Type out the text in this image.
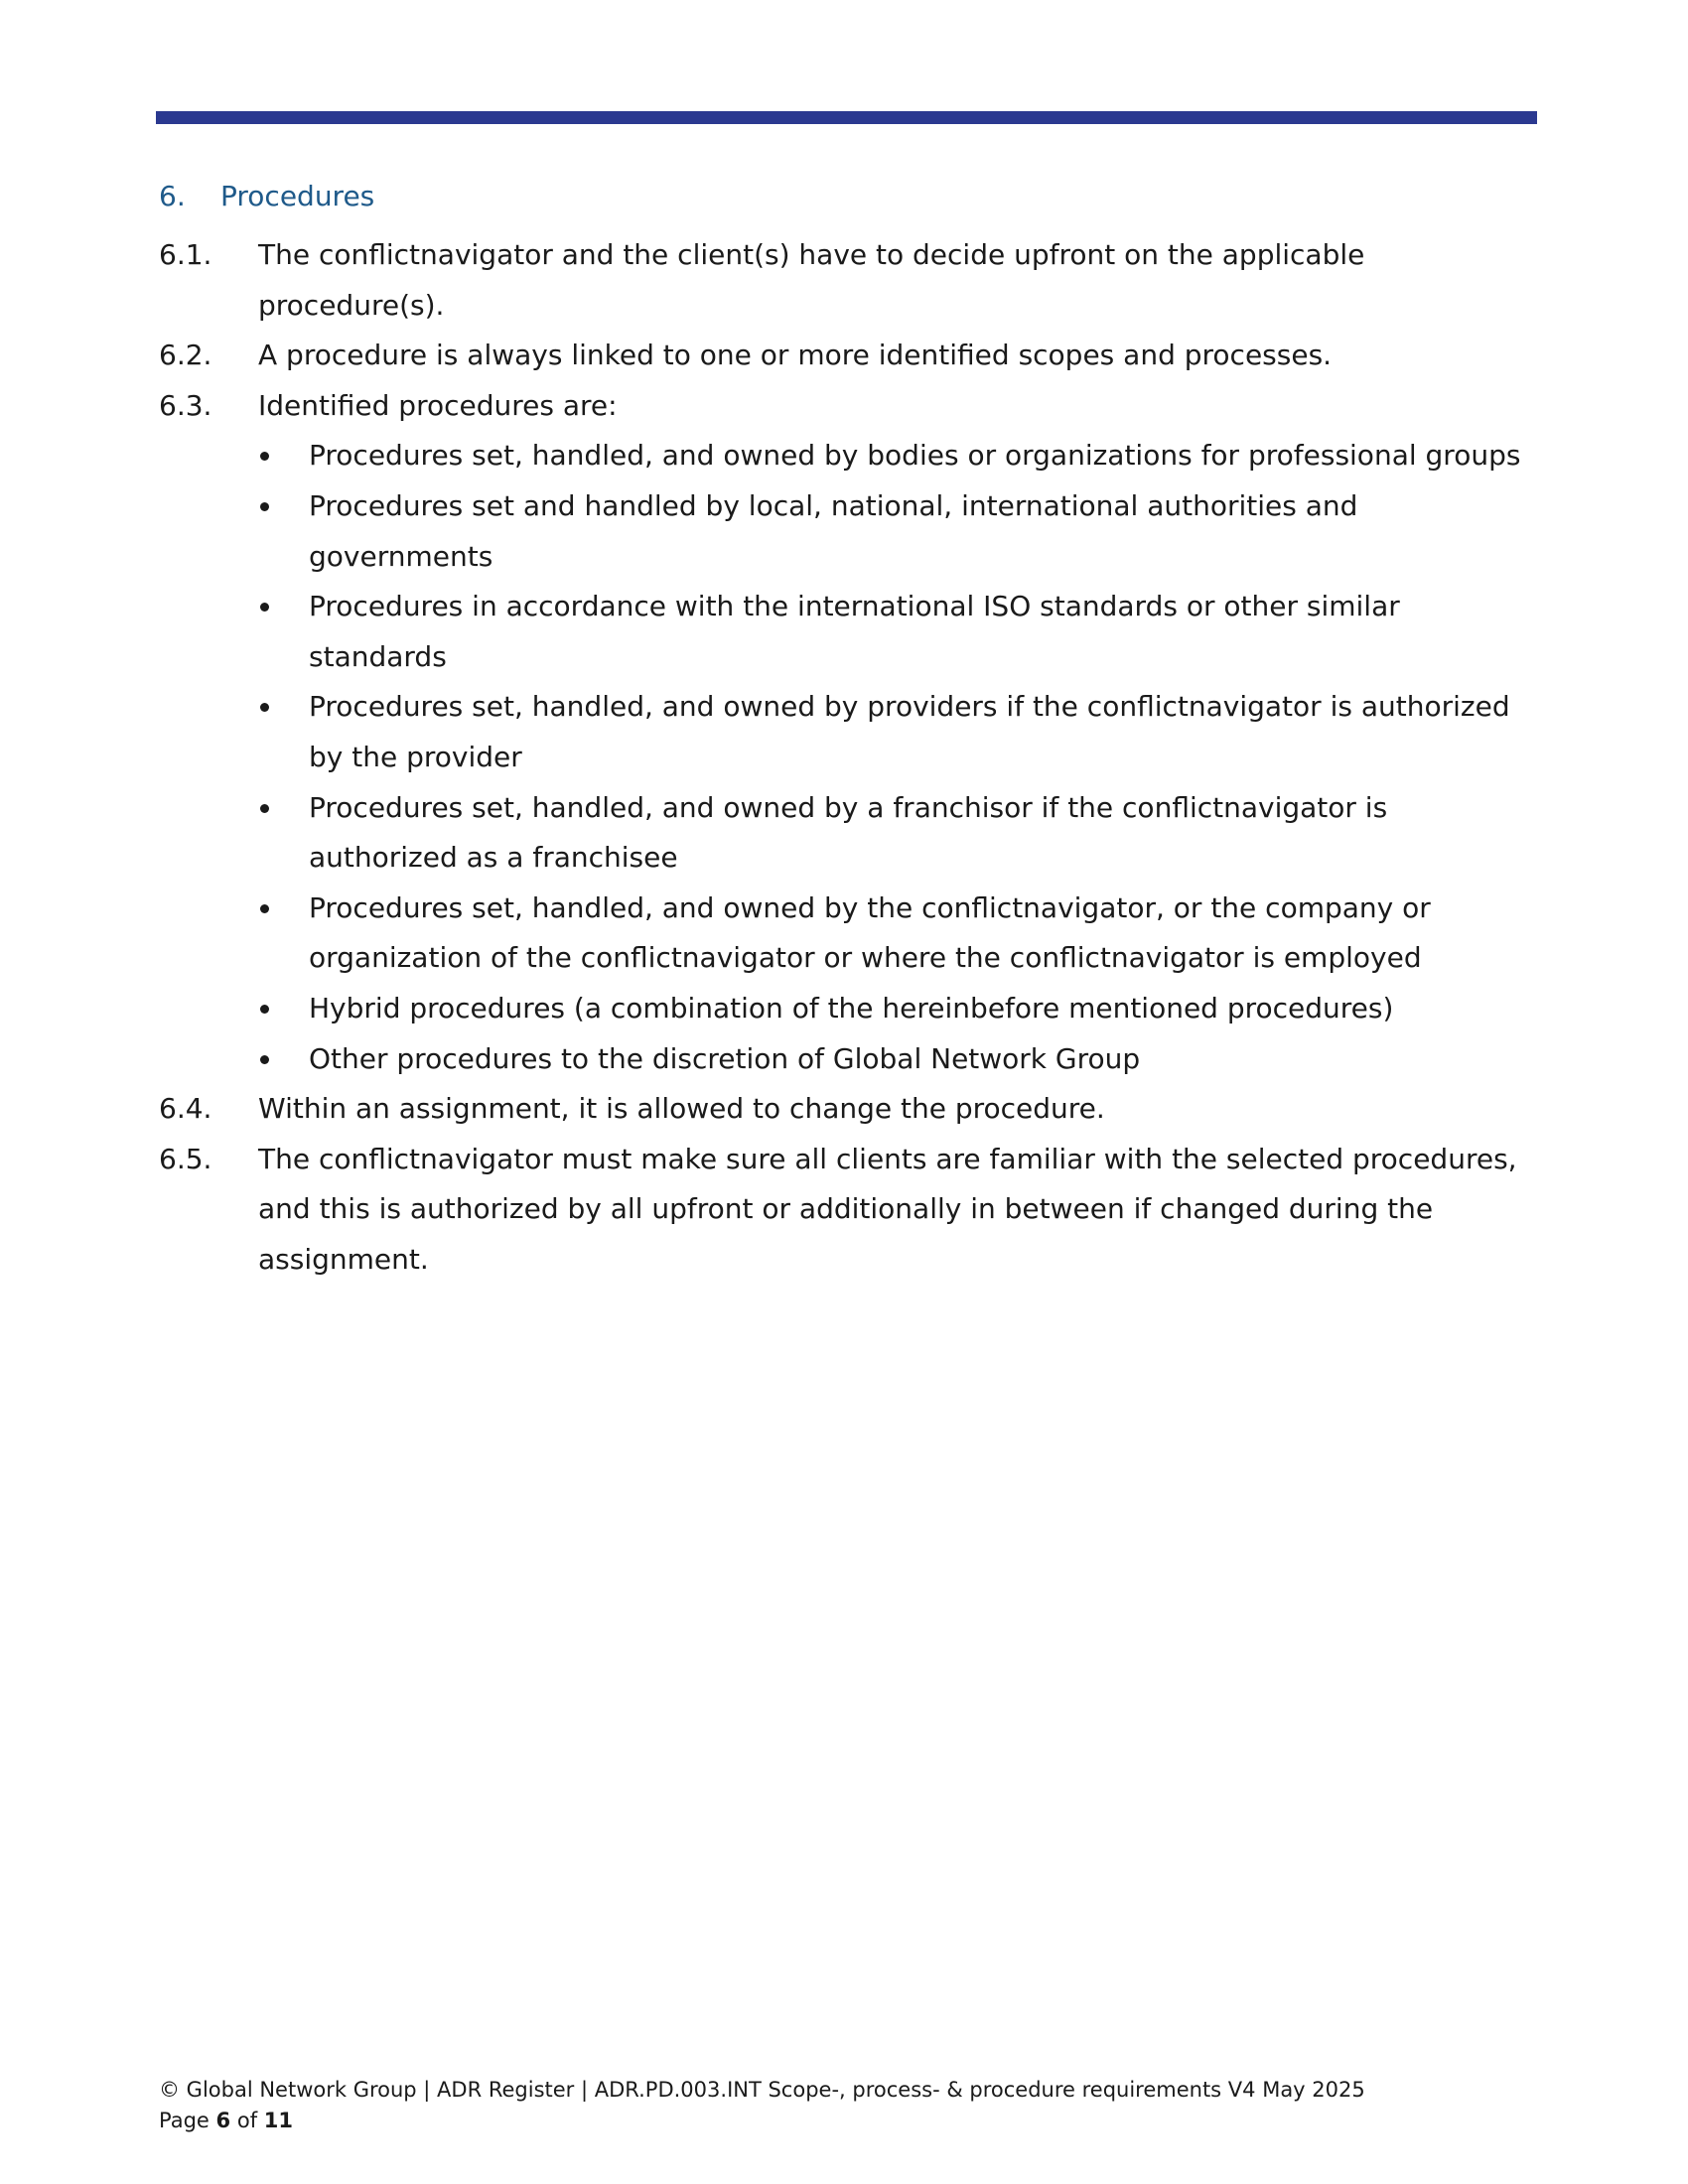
6. Procedures
6.1.	The conflictnavigator and the client(s) have to decide upfront on the applicable procedure(s).
6.2.	A procedure is always linked to one or more identified scopes and processes.
6.3.	Identified procedures are:
Procedures set, handled, and owned by bodies or organizations for professional groups
Procedures set and handled by local, national, international authorities and governments
Procedures in accordance with the international ISO standards or other similar standards
Procedures set, handled, and owned by providers if the conflictnavigator is authorized by the provider
Procedures set, handled, and owned by a franchisor if the conflictnavigator is authorized as a franchisee
Procedures set, handled, and owned by the conflictnavigator, or the company or organization of the conflictnavigator or where the conflictnavigator is employed
Hybrid procedures (a combination of the hereinbefore mentioned procedures)
Other procedures to the discretion of Global Network Group
6.4.	Within an assignment, it is allowed to change the procedure.
6.5.	The conflictnavigator must make sure all clients are familiar with the selected procedures, and this is authorized by all upfront or additionally in between if changed during the assignment.
© Global Network Group | ADR Register | ADR.PD.003.INT Scope-, process- & procedure requirements V4 May 2025
Page 6 of 11
